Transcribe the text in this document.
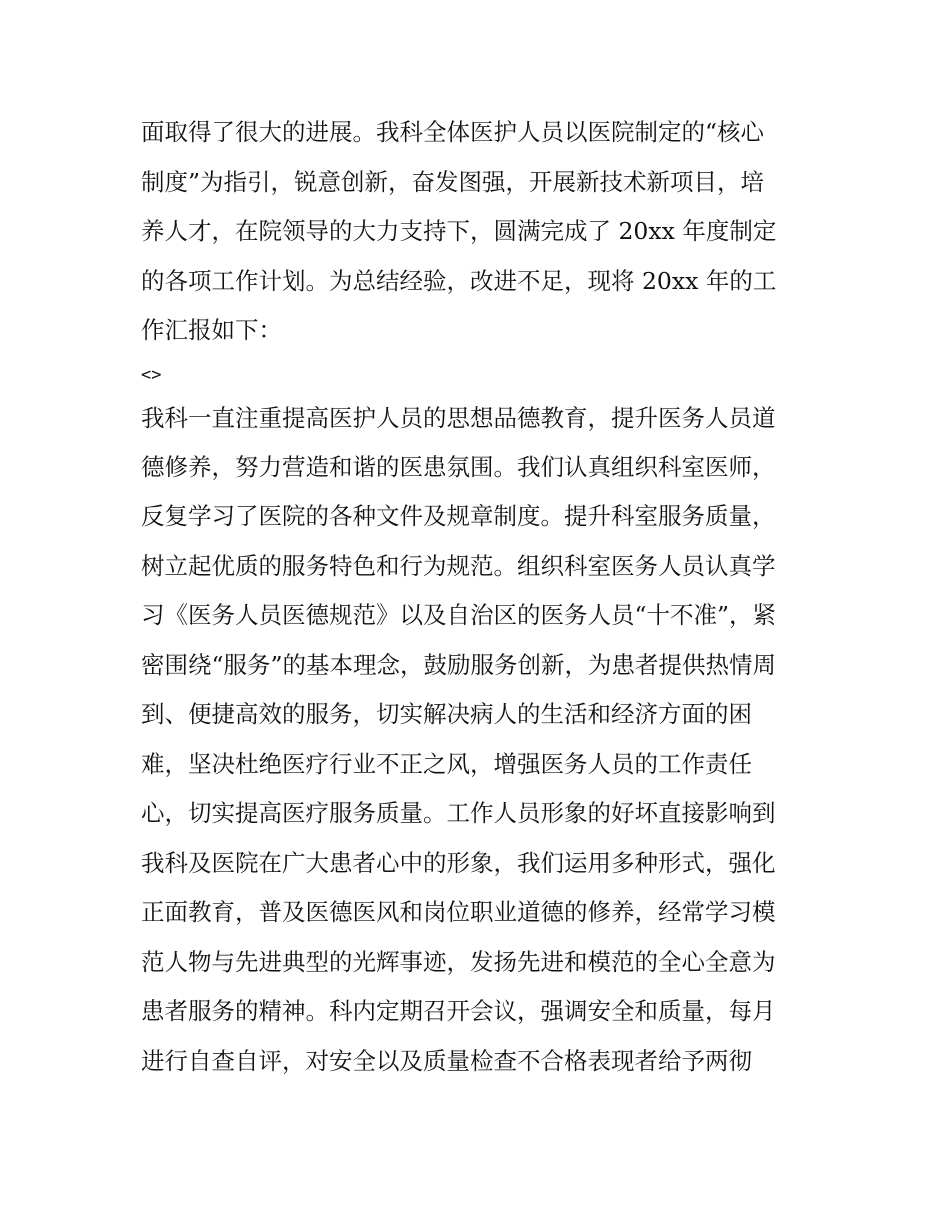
面取得了很大的进展。我科全体医护人员以医院制定的“核心
制度”为指引，锐意创新，奋发图强，开展新技术新项目，培
养人才，在院领导的大力支持下，圆满完成了 20xx 年度制定
的各项工作计划。为总结经验，改进不足，现将 20xx 年的工
作汇报如下：
<>
我科一直注重提高医护人员的思想品德教育，提升医务人员道
德修养，努力营造和谐的医患氛围。我们认真组织科室医师，
反复学习了医院的各种文件及规章制度。提升科室服务质量，
树立起优质的服务特色和行为规范。组织科室医务人员认真学
习《医务人员医德规范》以及自治区的医务人员“十不准”，紧
密围绕“服务”的基本理念，鼓励服务创新，为患者提供热情周
到、便捷高效的服务，切实解决病人的生活和经济方面的困
难，坚决杜绝医疗行业不正之风，增强医务人员的工作责任
心，切实提高医疗服务质量。工作人员形象的好坏直接影响到
我科及医院在广大患者心中的形象，我们运用多种形式，强化
正面教育，普及医德医风和岗位职业道德的修养，经常学习模
范人物与先进典型的光辉事迹，发扬先进和模范的全心全意为
患者服务的精神。科内定期召开会议，强调安全和质量，每月
进行自查自评，对安全以及质量检查不合格表现者给予两彻
